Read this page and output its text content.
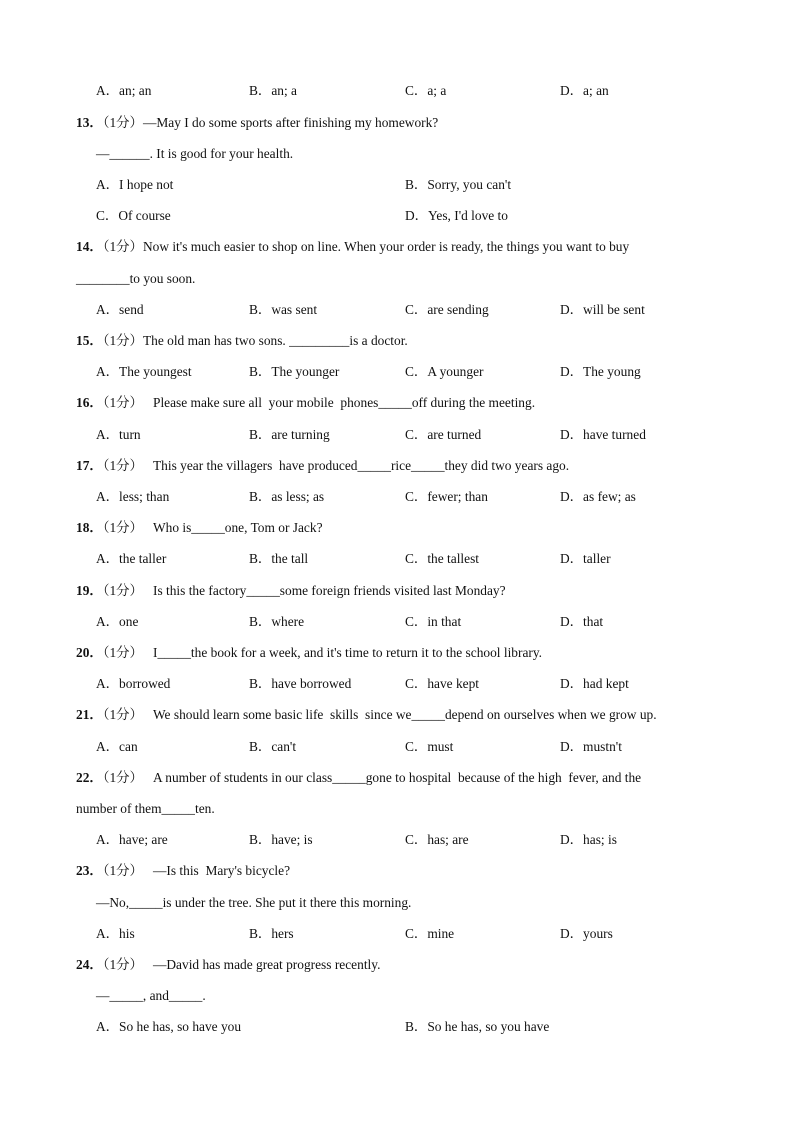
A．an; an	B．an; a	C．a; a	D．a; an
13．（1分）—May I do some sports after finishing my homework?
—______. It is good for your health.
A．I hope not	B．Sorry, you can't
C．Of course	D．Yes, I'd love to
14．（1分）Now it's much easier to shop on line. When your order is ready, the things you want to buy
________to you soon.
A．send	B．was sent	C．are sending	D．will be sent
15．（1分）The old man has two sons. _________is a doctor.
A．The youngest	B．The younger	C．A younger	D．The young
16．（1分）   Please make sure all  your mobile  phones_____off during the meeting.
A．turn	B．are turning	C．are turned	D．have turned
17．（1分）   This year the villagers  have produced_____rice_____they did two years ago.
A．less; than	B．as less; as	C．fewer; than	D．as few; as
18．（1分）   Who is_____one, Tom or Jack?
A．the taller	B．the tall	C．the tallest	D．taller
19．（1分）   Is this the factory_____some foreign friends visited last Monday?
A．one	B．where	C．in that	D．that
20．（1分）   I_____the book for a week, and it's time to return it to the school library.
A．borrowed	B．have borrowed	C．have kept	D．had kept
21．（1分）   We should learn some basic life  skills  since we_____depend on ourselves when we grow up.
A．can	B．can't	C．must	D．mustn't
22．（1分）   A number of students in our class_____gone to hospital  because of the high  fever, and the
number of them_____ten.
A．have; are	B．have; is	C．has; are	D．has; is
23．（1分）   —Is this  Mary's bicycle?
—No,_____is under the tree. She put it there this morning.
A．his	B．hers	C．mine	D．yours
24．（1分）   —David has made great progress recently.
—_____, and_____.
A．So he has, so have you	B．So he has, so you have
